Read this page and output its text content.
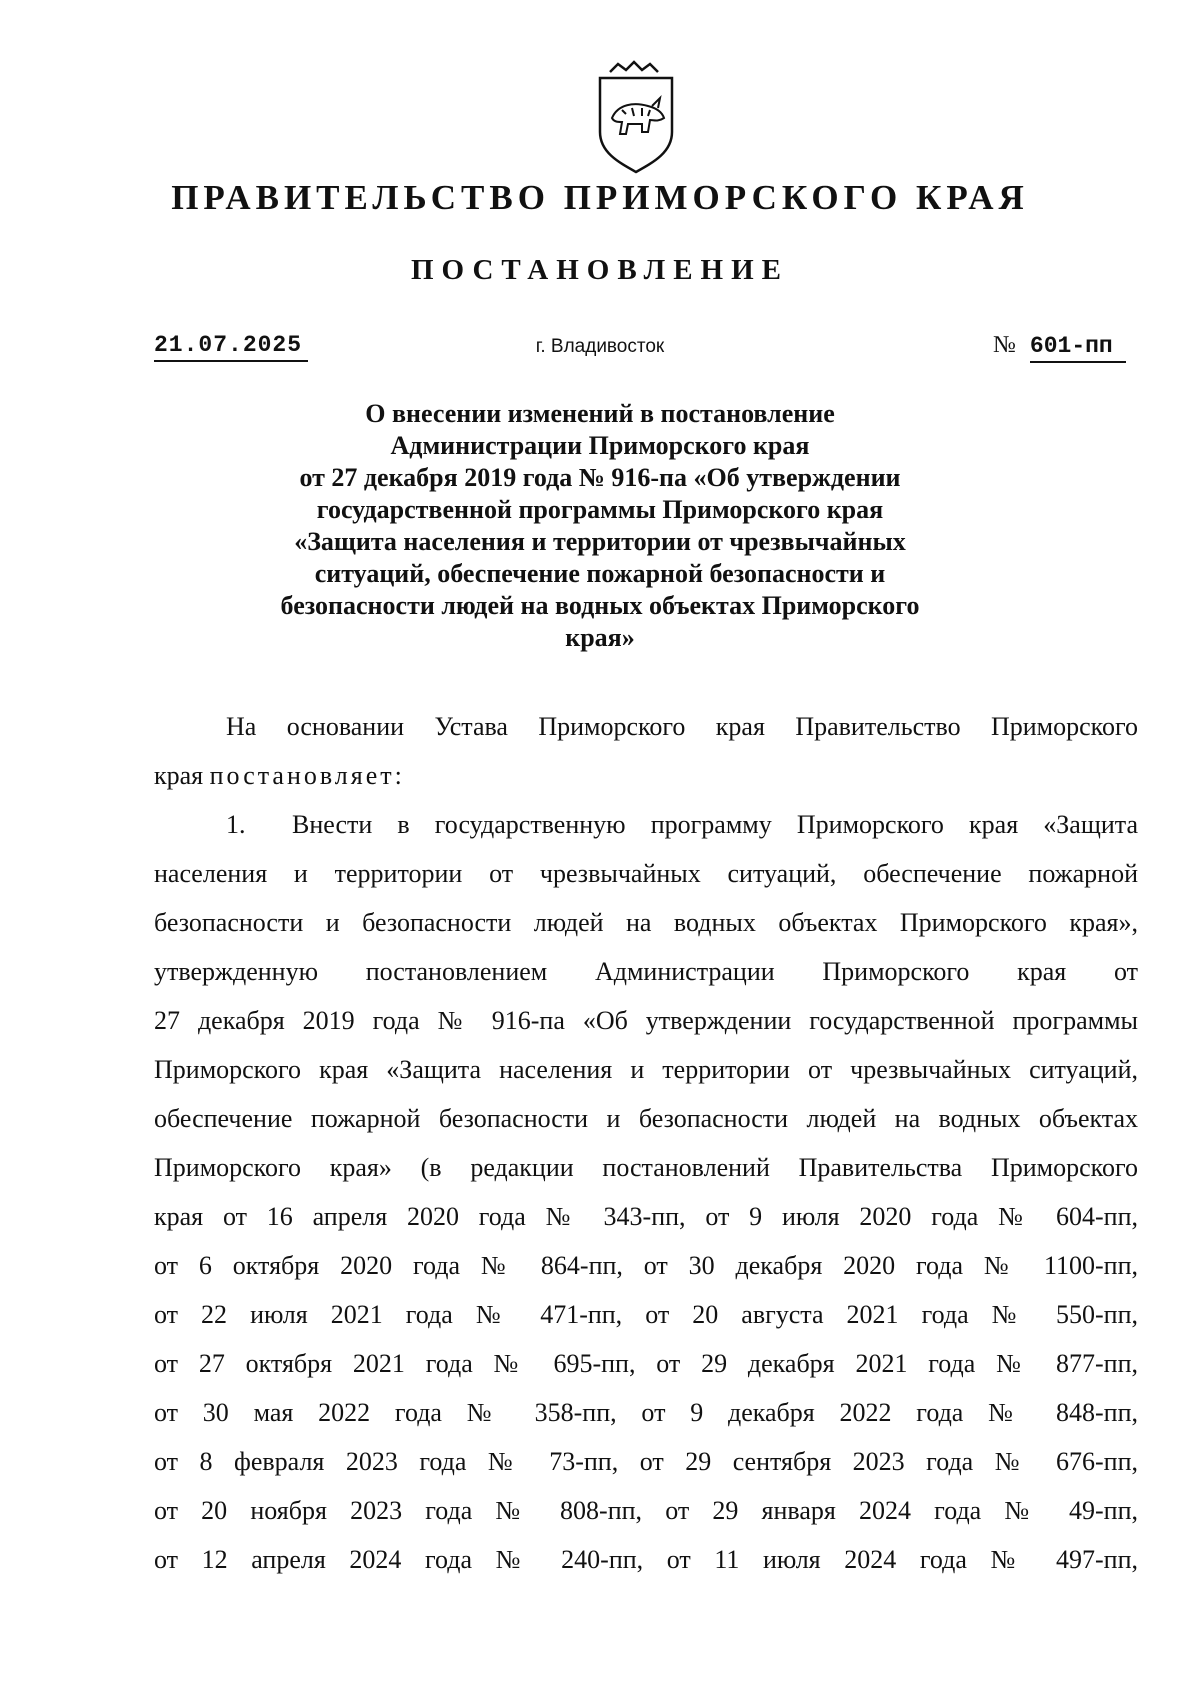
ПРАВИТЕЛЬСТВО ПРИМОРСКОГО КРАЯ
ПОСТАНОВЛЕНИЕ
21.07.2025	г. Владивосток	№ 601-пп
О внесении изменений в постановление
Администрации Приморского края
от 27 декабря 2019 года № 916-па «Об утверждении
государственной программы Приморского края
«Защита населения и территории от чрезвычайных
ситуаций, обеспечение пожарной безопасности и
безопасности людей на водных объектах Приморского
края»
На основании Устава Приморского края Правительство Приморского
края постановляет:
1. Внести в государственную программу Приморского края «Защита
населения и территории от чрезвычайных ситуаций, обеспечение пожарной
безопасности и безопасности людей на водных объектах Приморского края»,
утвержденную постановлением Администрации Приморского края от
27 декабря 2019 года № 916-па «Об утверждении государственной программы
Приморского края «Защита населения и территории от чрезвычайных ситуаций,
обеспечение пожарной безопасности и безопасности людей на водных объектах
Приморского края» (в редакции постановлений Правительства Приморского
края от 16 апреля 2020 года № 343-пп, от 9 июля 2020 года № 604-пп,
от 6 октября 2020 года № 864-пп, от 30 декабря 2020 года № 1100-пп,
от 22 июля 2021 года № 471-пп, от 20 августа 2021 года № 550-пп,
от 27 октября 2021 года № 695-пп, от 29 декабря 2021 года № 877-пп,
от 30 мая 2022 года № 358-пп, от 9 декабря 2022 года № 848-пп,
от 8 февраля 2023 года № 73-пп, от 29 сентября 2023 года № 676-пп,
от 20 ноября 2023 года № 808-пп, от 29 января 2024 года № 49-пп,
от 12 апреля 2024 года № 240-пп, от 11 июля 2024 года № 497-пп,
